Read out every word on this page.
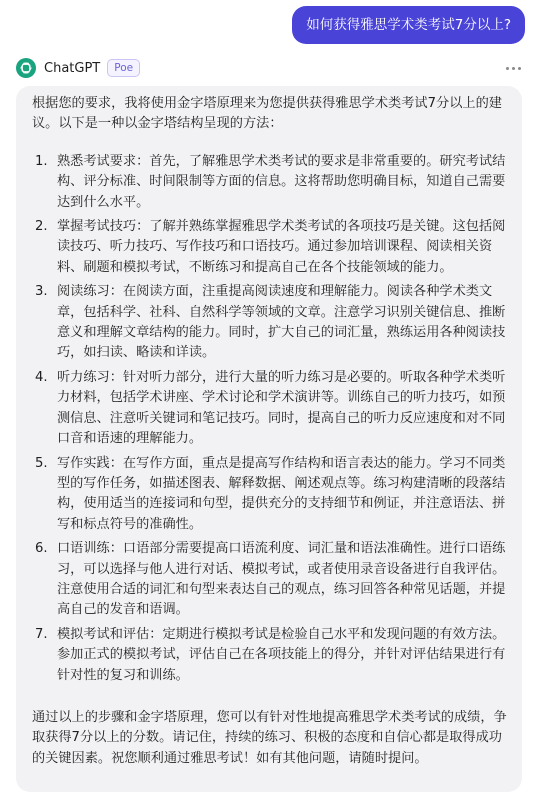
如何获得雅思学术类考试7分以上?
ChatGPT	Poe

根据您的要求，我将使用金字塔原理来为您提供获得雅思学术类考试7分以上的建议。以下是一种以金字塔结构呈现的方法：

1. 熟悉考试要求：首先，了解雅思学术类考试的要求是非常重要的。研究考试结构、评分标准、时间限制等方面的信息。这将帮助您明确目标，知道自己需要达到什么水平。
2. 掌握考试技巧：了解并熟练掌握雅思学术类考试的各项技巧是关键。这包括阅读技巧、听力技巧、写作技巧和口语技巧。通过参加培训课程、阅读相关资料、刷题和模拟考试，不断练习和提高自己在各个技能领域的能力。
3. 阅读练习：在阅读方面，注重提高阅读速度和理解能力。阅读各种学术类文章，包括科学、社科、自然科学等领域的文章。注意学习识别关键信息、推断意义和理解文章结构的能力。同时，扩大自己的词汇量，熟练运用各种阅读技巧，如扫读、略读和详读。
4. 听力练习：针对听力部分，进行大量的听力练习是必要的。听取各种学术类听力材料，包括学术讲座、学术讨论和学术演讲等。训练自己的听力技巧，如预测信息、注意听关键词和笔记技巧。同时，提高自己的听力反应速度和对不同口音和语速的理解能力。
5. 写作实践：在写作方面，重点是提高写作结构和语言表达的能力。学习不同类型的写作任务，如描述图表、解释数据、阐述观点等。练习构建清晰的段落结构，使用适当的连接词和句型，提供充分的支持细节和例证，并注意语法、拼写和标点符号的准确性。
6. 口语训练：口语部分需要提高口语流利度、词汇量和语法准确性。进行口语练习，可以选择与他人进行对话、模拟考试，或者使用录音设备进行自我评估。注意使用合适的词汇和句型来表达自己的观点，练习回答各种常见话题，并提高自己的发音和语调。
7. 模拟考试和评估：定期进行模拟考试是检验自己水平和发现问题的有效方法。参加正式的模拟考试，评估自己在各项技能上的得分，并针对评估结果进行有针对性的复习和训练。

通过以上的步骤和金字塔原理，您可以有针对性地提高雅思学术类考试的成绩，争取获得7分以上的分数。请记住，持续的练习、积极的态度和自信心都是取得成功的关键因素。祝您顺利通过雅思考试！如有其他问题，请随时提问。
